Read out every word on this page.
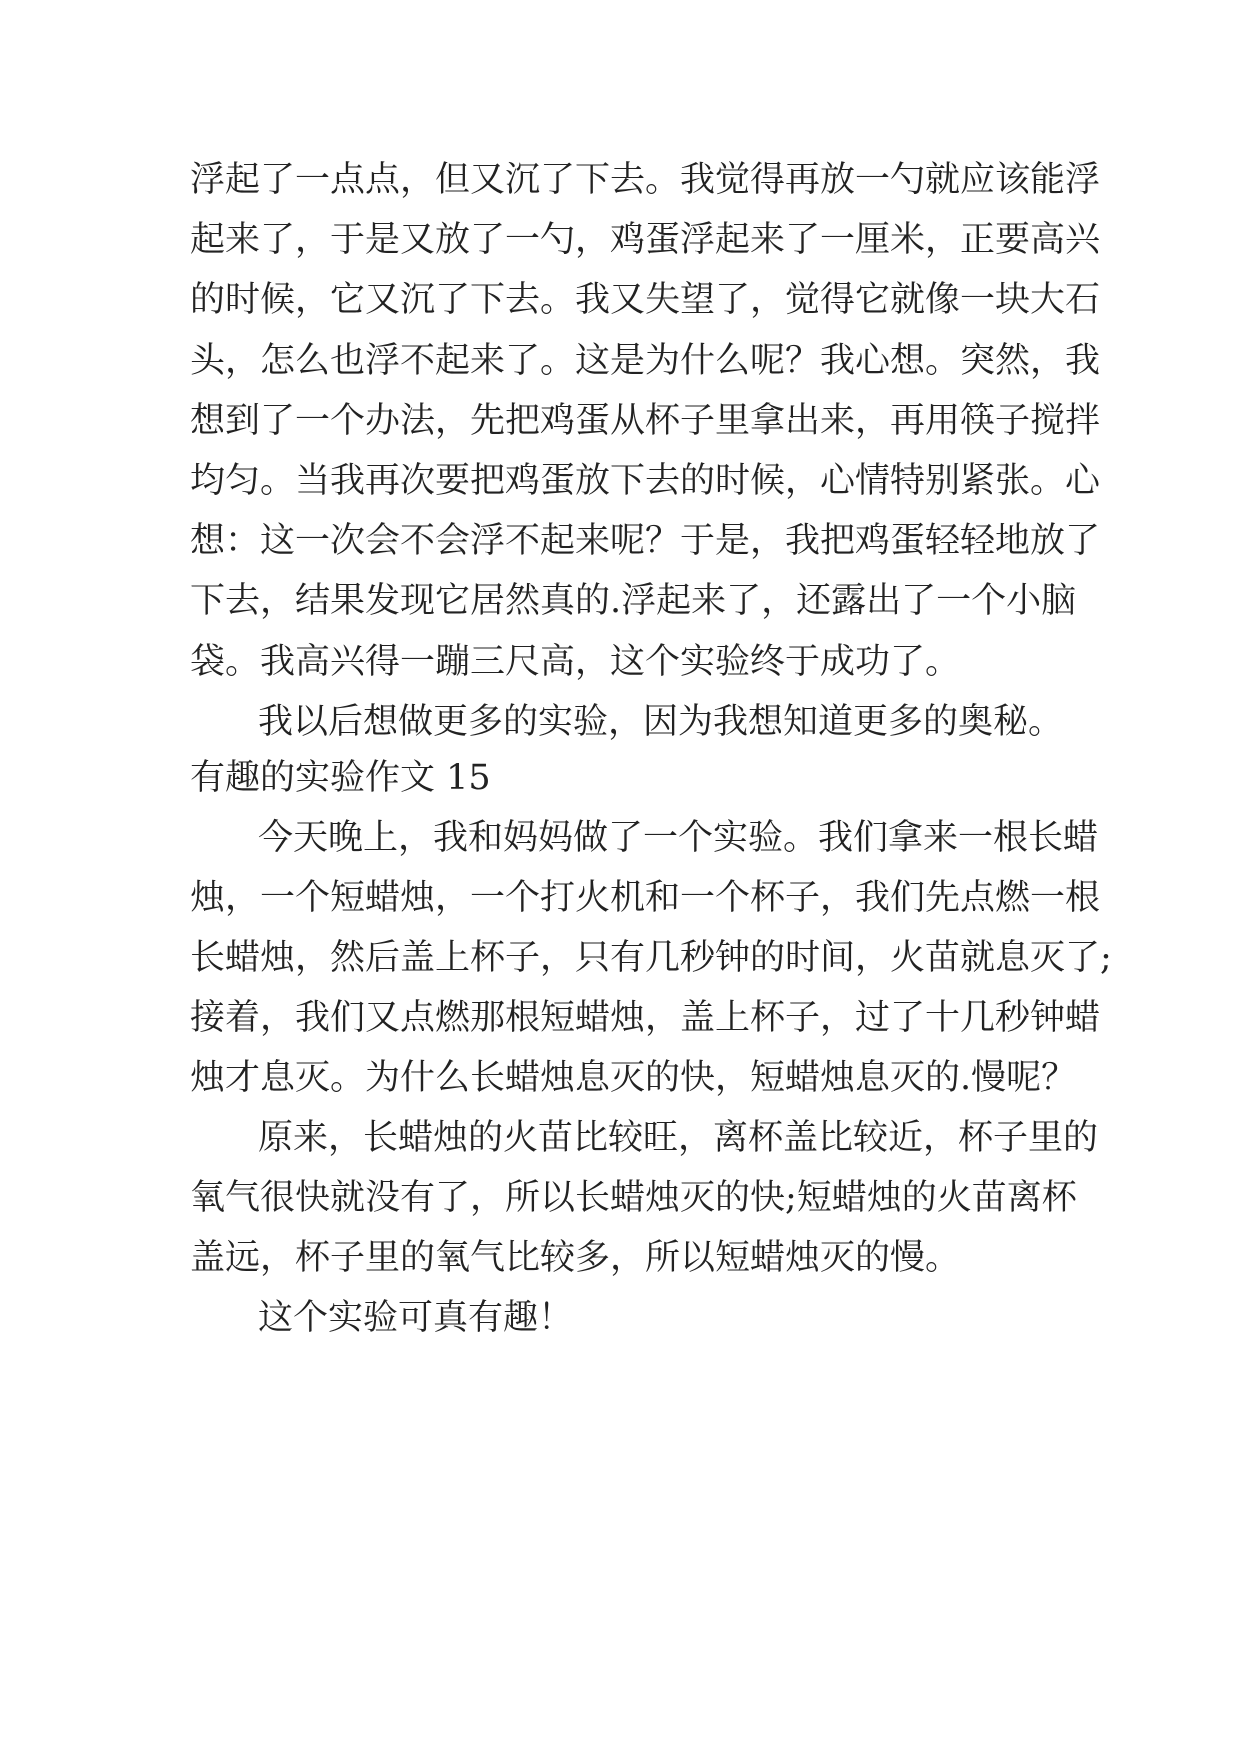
浮起了一点点，但又沉了下去。我觉得再放一勺就应该能浮

起来了，于是又放了一勺，鸡蛋浮起来了一厘米，正要高兴

的时候，它又沉了下去。我又失望了，觉得它就像一块大石

头，怎么也浮不起来了。这是为什么呢？我心想。突然，我

想到了一个办法，先把鸡蛋从杯子里拿出来，再用筷子搅拌

均匀。当我再次要把鸡蛋放下去的时候，心情特别紧张。心

想：这一次会不会浮不起来呢？于是，我把鸡蛋轻轻地放了

下去，结果发现它居然真的.浮起来了，还露出了一个小脑

袋。我高兴得一蹦三尺高，这个实验终于成功了。

我以后想做更多的实验，因为我想知道更多的奥秘。

有趣的实验作文 15

今天晚上，我和妈妈做了一个实验。我们拿来一根长蜡

烛，一个短蜡烛，一个打火机和一个杯子，我们先点燃一根

长蜡烛，然后盖上杯子，只有几秒钟的时间，火苗就息灭了;

接着，我们又点燃那根短蜡烛，盖上杯子，过了十几秒钟蜡

烛才息灭。为什么长蜡烛息灭的快，短蜡烛息灭的.慢呢？

原来，长蜡烛的火苗比较旺，离杯盖比较近，杯子里的

氧气很快就没有了，所以长蜡烛灭的快;短蜡烛的火苗离杯

盖远，杯子里的氧气比较多，所以短蜡烛灭的慢。

这个实验可真有趣！
